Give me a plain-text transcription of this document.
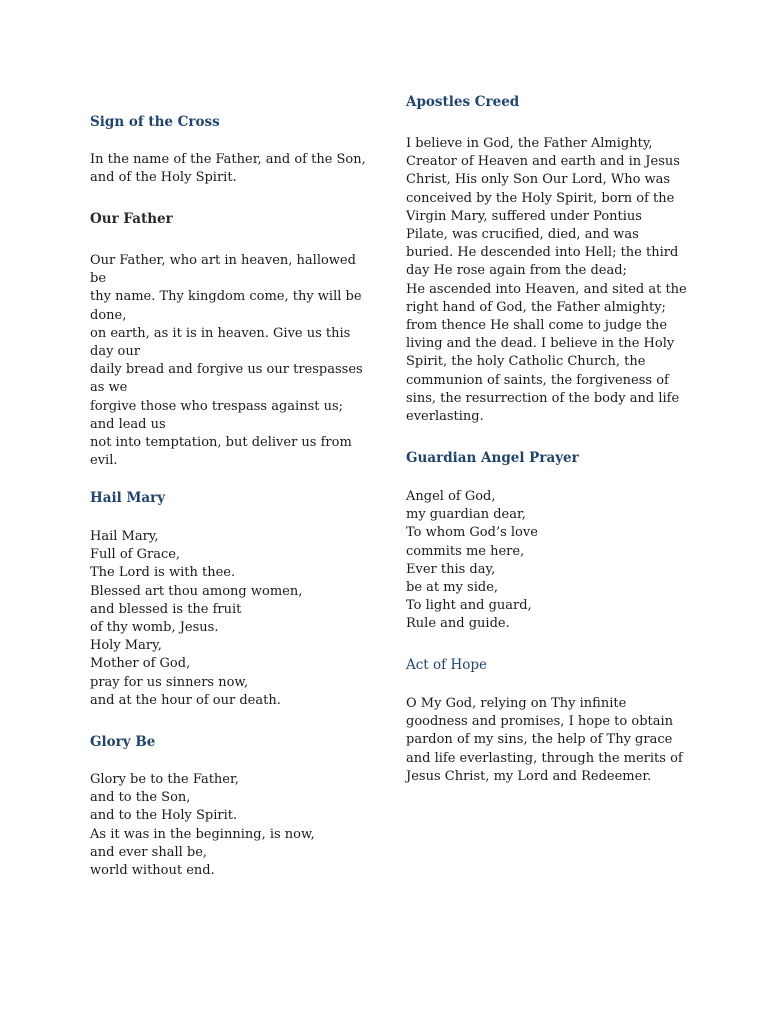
Sign of the Cross
In the name of the Father, and of the Son,
and of the Holy Spirit.
Our Father
Our Father, who art in heaven, hallowed
be
thy name. Thy kingdom come, thy will be
done,
on earth, as it is in heaven. Give us this
day our
daily bread and forgive us our trespasses
as we
forgive those who trespass against us;
and lead us
not into temptation, but deliver us from
evil.
Hail Mary
Hail Mary,
Full of Grace,
The Lord is with thee.
Blessed art thou among women,
and blessed is the fruit
of thy womb, Jesus.
Holy Mary,
Mother of God,
pray for us sinners now,
and at the hour of our death.
Glory Be
Glory be to the Father,
and to the Son,
and to the Holy Spirit.
As it was in the beginning, is now,
and ever shall be,
world without end.
Apostles Creed
I believe in God, the Father Almighty,
Creator of Heaven and earth and in Jesus
Christ, His only Son Our Lord, Who was
conceived by the Holy Spirit, born of the
Virgin Mary, suffered under Pontius
Pilate, was crucified, died, and was
buried. He descended into Hell; the third
day He rose again from the dead;
He ascended into Heaven, and sited at the
right hand of God, the Father almighty;
from thence He shall come to judge the
living and the dead. I believe in the Holy
Spirit, the holy Catholic Church, the
communion of saints, the forgiveness of
sins, the resurrection of the body and life
everlasting.
Guardian Angel Prayer
Angel of God,
my guardian dear,
To whom God’s love
commits me here,
Ever this day,
be at my side,
To light and guard,
Rule and guide.
Act of Hope
O My God, relying on Thy infinite
goodness and promises, I hope to obtain
pardon of my sins, the help of Thy grace
and life everlasting, through the merits of
Jesus Christ, my Lord and Redeemer.
